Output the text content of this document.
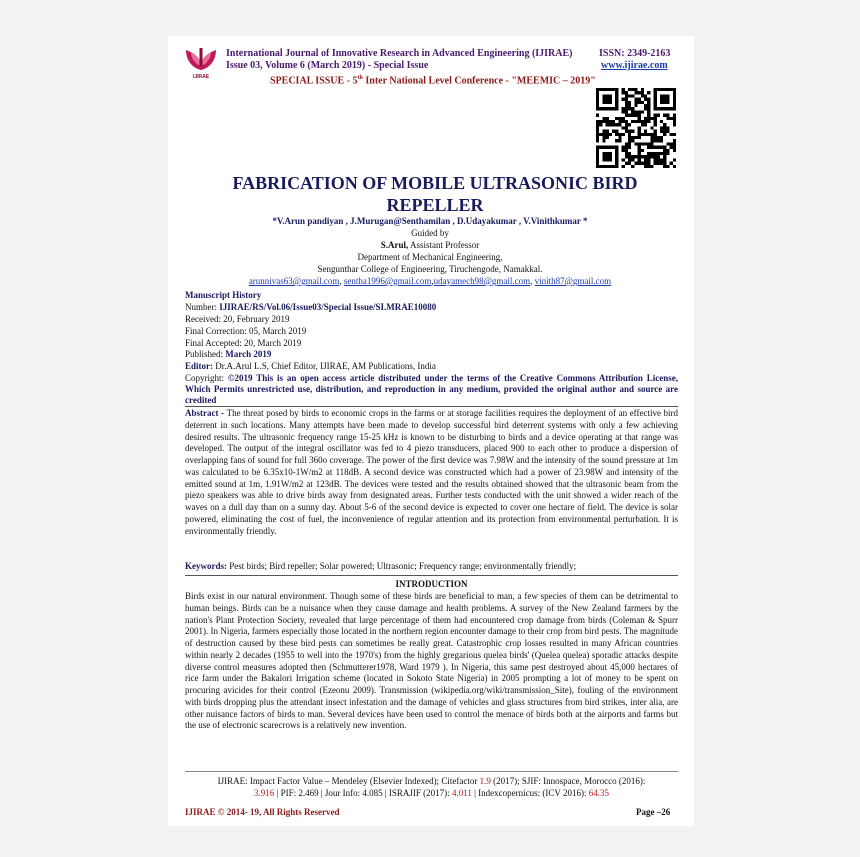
IJIRAE
International Journal of Innovative Research in Advanced Engineering (IJIRAE)	ISSN: 2349-2163
Issue 03, Volume 6 (March 2019) - Special Issue	www.ijirae.com
SPECIAL ISSUE - 5th Inter National Level Conference - "MEEMIC – 2019"
FABRICATION OF MOBILE ULTRASONIC BIRD
REPELLER
*V.Arun pandiyan , J.Murugan@Senthamilan , D.Udayakumar , V.Vinithkumar *
Guided by
S.Arul, Assistant Professor
Department of Mechanical Engineering,
Sengunthar College of Engineering, Tiruchengode, Namakkal.
arunnivas63@gmail.com, sentha1996@gmail.com,udayamech98@gmail.com, vinith87@gmail.com
Manuscript History
Number: IJIRAE/RS/Vol.06/Issue03/Special Issue/SI.MRAE10080
Received: 20, February 2019
Final Correction: 05, March 2019
Final Accepted: 20, March 2019
Published: March 2019
Editor: Dr.A.Arul L.S, Chief Editor, IJIRAE, AM Publications, India
Copyright: ©2019 This is an open access article distributed under the terms of the Creative Commons Attribution License, Which Permits unrestricted use, distribution, and reproduction in any medium, provided the original author and source are credited
Abstract - The threat posed by birds to economic crops in the farms or at storage facilities requires the deployment of an effective bird deterrent in such locations. Many attempts have been made to develop successful bird deterrent systems with only a few achieving desired results. The ultrasonic frequency range 15-25 kHz is known to be disturbing to birds and a device operating at that range was developed. The output of the integral oscillator was fed to 4 piezo transducers, placed 900 to each other to produce a dispersion of overlapping fans of sound for full 360o coverage. The power of the first device was 7.98W and the intensity of the sound pressure at 1m was calculated to be 6.35x10-1W/m2 at 118dB. A second device was constructed which had a power of 23.98W and intensity of the emitted sound at 1m, 1.91W/m2 at 123dB. The devices were tested and the results obtained showed that the ultrasonic beam from the piezo speakers was able to drive birds away from designated areas. Further tests conducted with the unit showed a wider reach of the waves on a dull day than on a sunny day. About 5-6 of the second device is expected to cover one hectare of field. The device is solar powered, eliminating the cost of fuel, the inconvenience of regular attention and its protection from environmental perturbation. It is environmentally friendly.
Keywords: Pest birds; Bird repeller; Solar powered; Ultrasonic; Frequency range; environmentally friendly;
INTRODUCTION
Birds exist in our natural environment. Though some of these birds are beneficial to man, a few species of them can be detrimental to human beings. Birds can be a nuisance when they cause damage and health problems. A survey of the New Zealand farmers by the nation's Plant Protection Society, revealed that large percentage of them had encountered crop damage from birds (Coleman & Spurr 2001). In Nigeria, farmers especially those located in the northern region encounter damage to their crop from bird pests. The magnitude of destruction caused by these bird pests can sometimes be really great. Catastrophic crop losses resulted in many African countries within nearly 2 decades (1955 to well into the 1970's) from the highly gregarious quelea birds' (Quelea quelea) sporadic attacks despite diverse control measures adopted then (Schmutterer1978, Ward 1979 ). In Nigeria, this same pest destroyed about 45,000 hectares of rice farm under the Bakalori Irrigation scheme (located in Sokoto State Nigeria) in 2005 prompting a lot of money to be spent on procuring avicides for their control (Ezeonu 2009). Transmission (wikipedia.org/wiki/transmission_Site), fouling of the environment with birds dropping plus the attendant insect infestation and the damage of vehicles and glass structures from bird strikes, inter alia, are other nuisance factors of birds to man. Several devices have been used to control the menace of birds both at the airports and farms but the use of electronic scarecrows is a relatively new invention.
IJIRAE: Impact Factor Value – Mendeley (Elsevier Indexed); Citefactor 1.9 (2017); SJIF: Innospace, Morocco (2016):
3.916 | PIF: 2.469 | Jour Info: 4.085 | ISRAJIF (2017): 4.011 | Indexcopernicus: (ICV 2016): 64.35
IJIRAE © 2014- 19, All Rights Reserved	Page –26
